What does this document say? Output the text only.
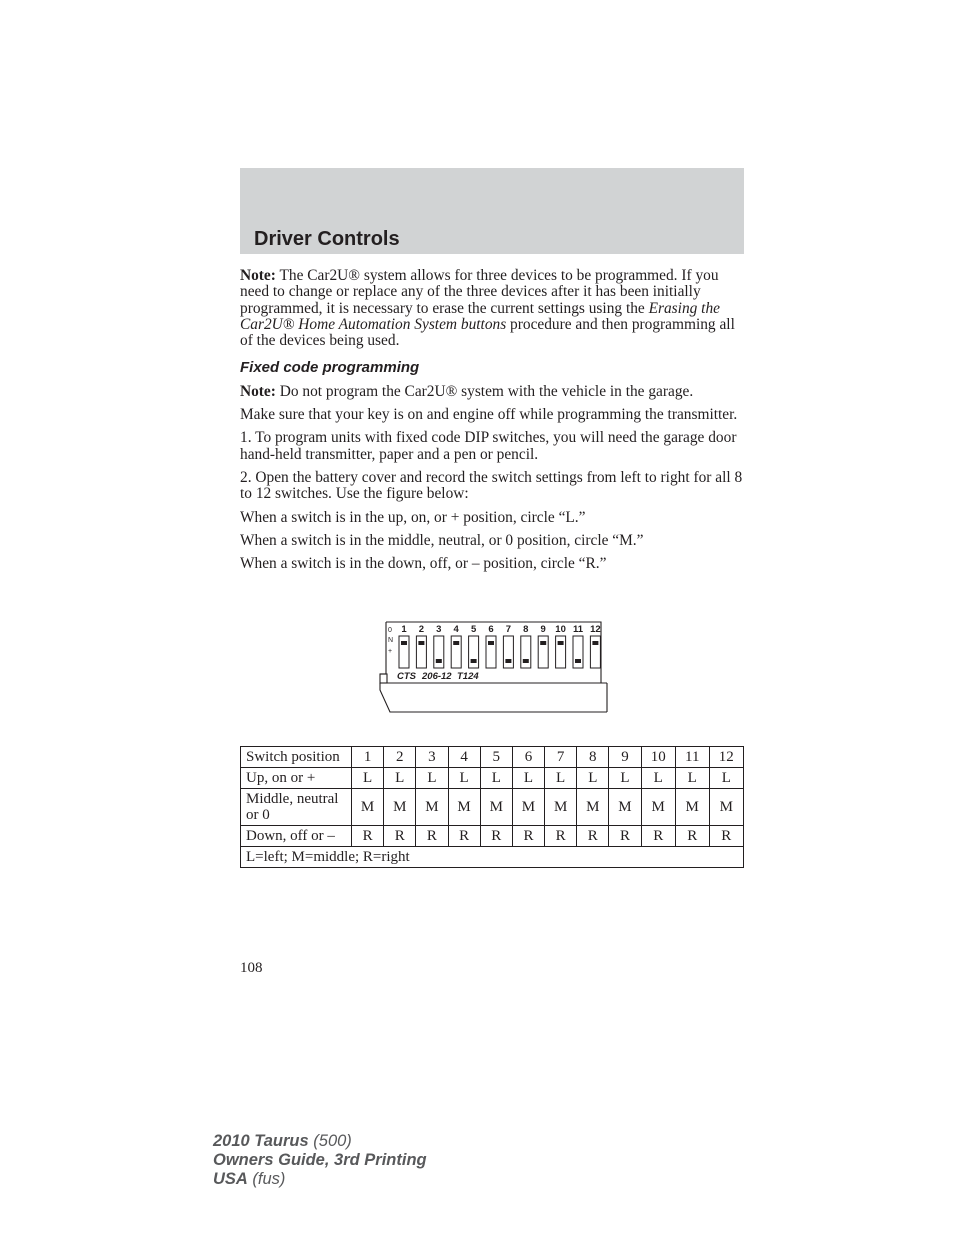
Driver Controls

Note: The Car2U® system allows for three devices to be programmed. If you need to change or replace any of the three devices after it has been initially programmed, it is necessary to erase the current settings using the Erasing the Car2U® Home Automation System buttons procedure and then programming all of the devices being used.

Fixed code programming

Note: Do not program the Car2U® system with the vehicle in the garage.

Make sure that your key is on and engine off while programming the transmitter.

1. To program units with fixed code DIP switches, you will need the garage door hand-held transmitter, paper and a pen or pencil.

2. Open the battery cover and record the switch settings from left to right for all 8 to 12 switches. Use the figure below:

When a switch is in the up, on, or + position, circle “L.”

When a switch is in the middle, neutral, or 0 position, circle “M.”

When a switch is in the down, off, or – position, circle “R.”

1 2 3 4 5 6 7 8 9 10 11 12
CTS 206-12 T124
0
N
+
Switch position	1	2	3	4	5	6	7	8	9	10	11	12
Up, on or +	L	L	L	L	L	L	L	L	L	L	L	L
Middle, neutral or 0	M	M	M	M	M	M	M	M	M	M	M	M
Down, off or –	R	R	R	R	R	R	R	R	R	R	R	R
L=left; M=middle; R=right												
108
2010 Taurus (500)
Owners Guide, 3rd Printing
USA (fus)
